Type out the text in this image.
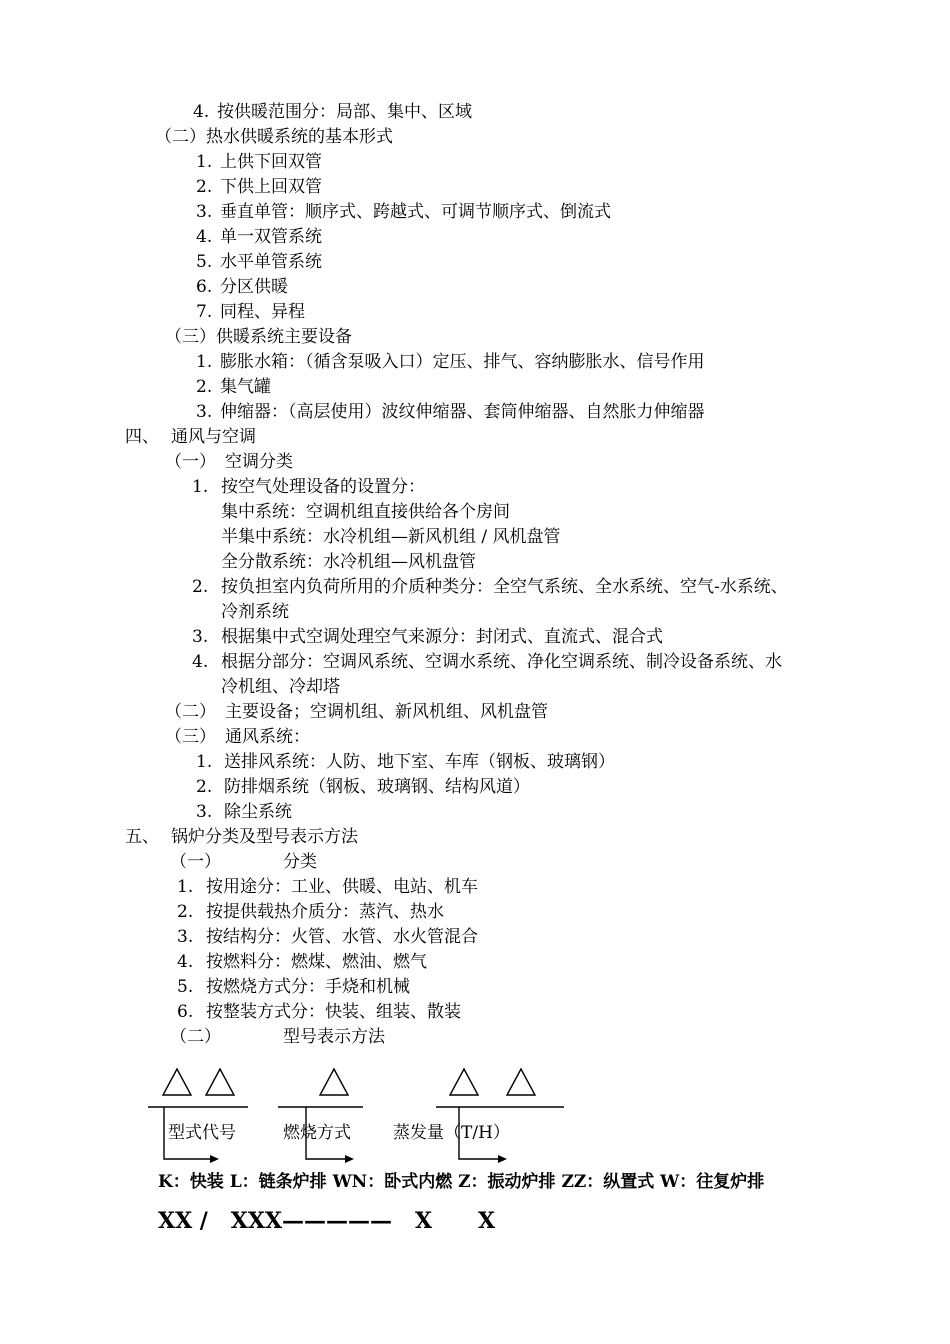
4. 按供暖范围分：局部、集中、区域
（二）热水供暖系统的基本形式
1. 上供下回双管
2. 下供上回双管
3. 垂直单管：顺序式、跨越式、可调节顺序式、倒流式
4. 单一双管系统
5. 水平单管系统
6. 分区供暖
7. 同程、异程
（三）供暖系统主要设备
1. 膨胀水箱：（循含泵吸入口）定压、排气、容纳膨胀水、信号作用
2. 集气罐
3. 伸缩器：（高层使用）波纹伸缩器、套筒伸缩器、自然胀力伸缩器
四、 通风与空调
（一） 空调分类
1. 按空气处理设备的设置分：
集中系统：空调机组直接供给各个房间
半集中系统：水冷机组—新风机组 / 风机盘管
全分散系统：水冷机组—风机盘管
2. 按负担室内负荷所用的介质种类分：全空气系统、全水系统、空气-水系统、
冷剂系统
3. 根据集中式空调处理空气来源分：封闭式、直流式、混合式
4. 根据分部分：空调风系统、空调水系统、净化空调系统、制冷设备系统、水
冷机组、冷却塔
（二） 主要设备；空调机组、新风机组、风机盘管
（三） 通风系统：
1. 送排风系统：人防、地下室、车库（钢板、玻璃钢）
2. 防排烟系统（钢板、玻璃钢、结构风道）
3. 除尘系统
五、 锅炉分类及型号表示方法
（一）	分类
1. 按用途分：工业、供暖、电站、机车
2. 按提供载热介质分：蒸汽、热水
3. 按结构分：火管、水管、水火管混合
4. 按燃料分：燃煤、燃油、燃气
5. 按燃烧方式分：手烧和机械
6. 按整装方式分：快装、组装、散装
（二）	型号表示方法
型式代号	燃烧方式 蒸发量（T/H）
K：快装 L：链条炉排 WN：卧式内燃 Z：振动炉排 ZZ：纵置式 W：往复炉排
XX /   XXX—————   X      X
